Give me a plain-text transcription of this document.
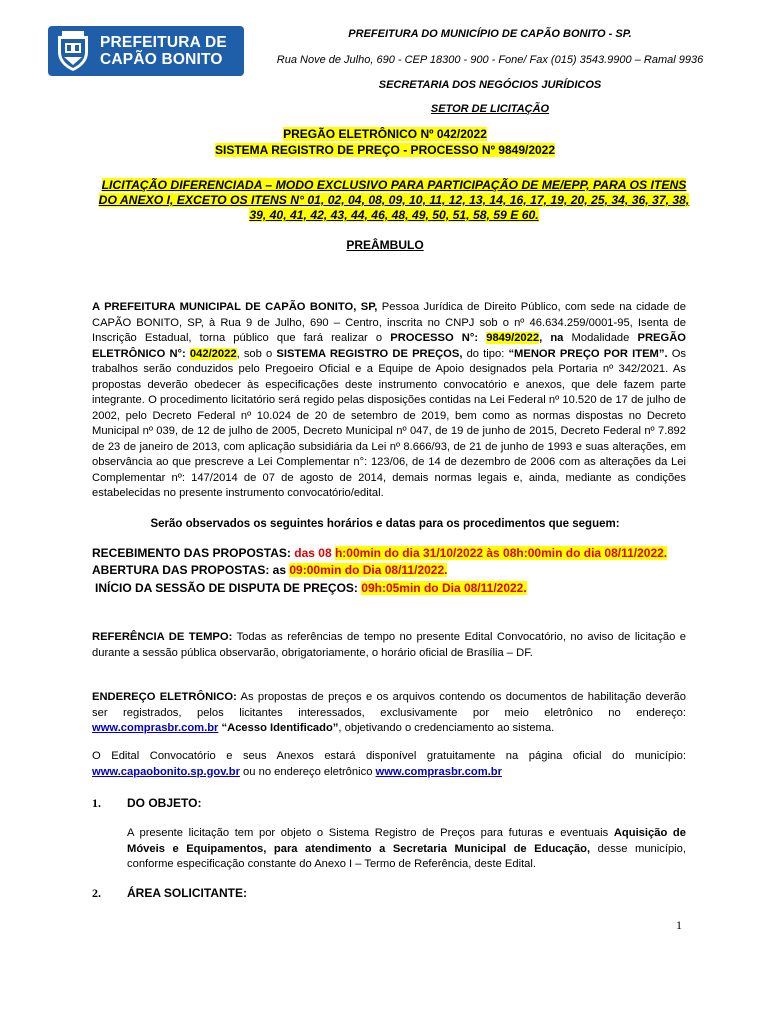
PREFEITURA DE
CAPÃO BONITO
PREFEITURA DO MUNICÍPIO DE CAPÃO BONITO - SP.
Rua Nove de Julho, 690 - CEP 18300 - 900 - Fone/ Fax (015) 3543.9900 – Ramal 9936
SECRETARIA DOS NEGÓCIOS JURÍDICOS
SETOR DE LICITAÇÃO
PREGÃO ELETRÔNICO Nº 042/2022
SISTEMA REGISTRO DE PREÇO - PROCESSO Nº 9849/2022
LICITAÇÃO DIFERENCIADA – MODO EXCLUSIVO PARA PARTICIPAÇÃO DE ME/EPP, PARA OS ITENS DO ANEXO I, EXCETO OS ITENS N° 01, 02, 04, 08, 09, 10, 11, 12, 13, 14, 16, 17, 19, 20, 25, 34, 36, 37, 38, 39, 40, 41, 42, 43, 44, 46, 48, 49, 50, 51, 58, 59 E 60.
PREÂMBULO
A PREFEITURA MUNICIPAL DE CAPÃO BONITO, SP, Pessoa Jurídica de Direito Público, com sede na cidade de CAPÃO BONITO, SP, à Rua 9 de Julho, 690 – Centro, inscrita no CNPJ sob o nº 46.634.259/0001-95, Isenta de Inscrição Estadual, torna público que fará realizar o PROCESSO N°: 9849/2022, na Modalidade PREGÃO ELETRÔNICO N°: 042/2022, sob o SISTEMA REGISTRO DE PREÇOS, do tipo: “MENOR PREÇO POR ITEM”. Os trabalhos serão conduzidos pelo Pregoeiro Oficial e a Equipe de Apoio designados pela Portaria nº 342/2021. As propostas deverão obedecer às especificações deste instrumento convocatório e anexos, que dele fazem parte integrante. O procedimento licitatório será regido pelas disposições contidas na Lei Federal nº 10.520 de 17 de julho de 2002, pelo Decreto Federal nº 10.024 de 20 de setembro de 2019, bem como as normas dispostas no Decreto Municipal nº 039, de 12 de julho de 2005, Decreto Municipal nº 047, de 19 de junho de 2015, Decreto Federal nº 7.892 de 23 de janeiro de 2013, com aplicação subsidiária da Lei nº 8.666/93, de 21 de junho de 1993 e suas alterações, em observância ao que prescreve a Lei Complementar n°: 123/06, de 14 de dezembro de 2006 com as alterações da Lei Complementar nº: 147/2014 de 07 de agosto de 2014, demais normas legais e, ainda, mediante as condições estabelecidas no presente instrumento convocatório/edital.
Serão observados os seguintes horários e datas para os procedimentos que seguem:
RECEBIMENTO DAS PROPOSTAS: das 08 h:00min do dia 31/10/2022 às 08h:00min do dia 08/11/2022.
ABERTURA DAS PROPOSTAS: as 09:00min do Dia 08/11/2022.
INÍCIO DA SESSÃO DE DISPUTA DE PREÇOS: 09h:05min do Dia 08/11/2022.
REFERÊNCIA DE TEMPO: Todas as referências de tempo no presente Edital Convocatório, no aviso de licitação e durante a sessão pública observarão, obrigatoriamente, o horário oficial de Brasília – DF.
ENDEREÇO ELETRÔNICO: As propostas de preços e os arquivos contendo os documentos de habilitação deverão ser registrados, pelos licitantes interessados, exclusivamente por meio eletrônico no endereço: www.comprasbr.com.br “Acesso Identificado”, objetivando o credenciamento ao sistema.
O Edital Convocatório e seus Anexos estará disponível gratuitamente na página oficial do município: www.capaobonito.sp.gov.br ou no endereço eletrônico www.comprasbr.com.br
1. DO OBJETO:
A presente licitação tem por objeto o Sistema Registro de Preços para futuras e eventuais Aquisição de Móveis e Equipamentos, para atendimento a Secretaria Municipal de Educação, desse município, conforme especificação constante do Anexo I – Termo de Referência, deste Edital.
2. ÁREA SOLICITANTE:
1
